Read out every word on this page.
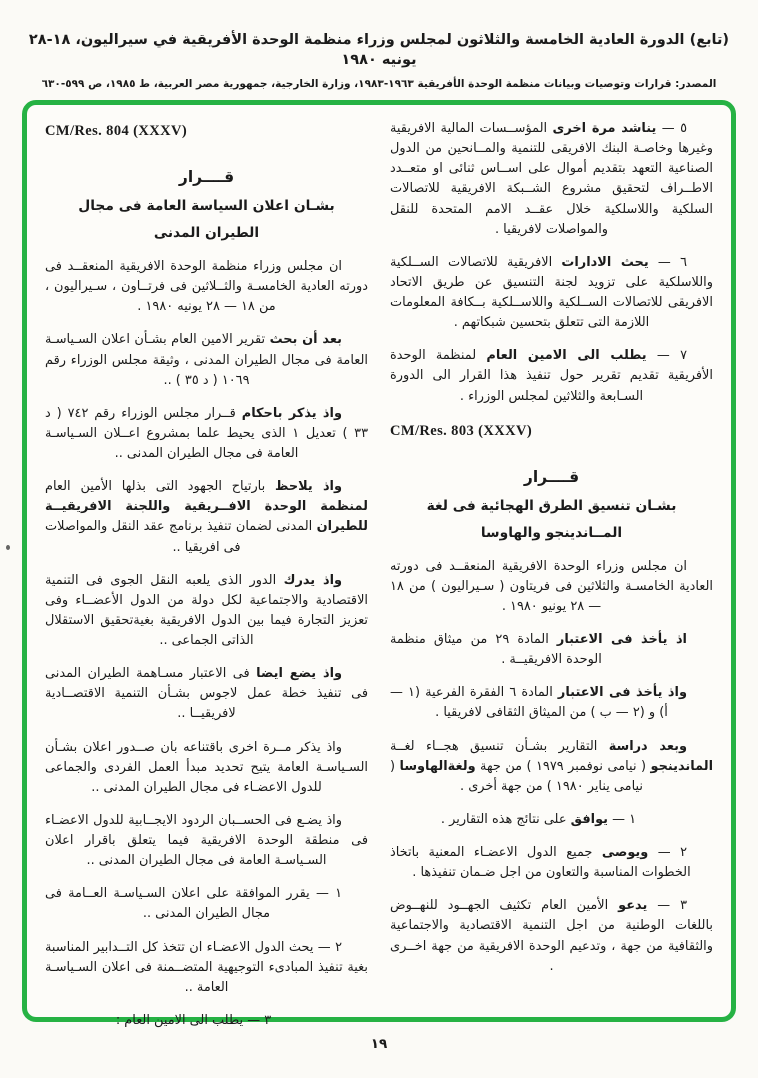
(تابع) الدورة العادية الخامسة والثلاثون لمجلس وزراء منظمة الوحدة الأفريقية في سيراليون، ١٨-٢٨ يونيه ١٩٨٠
المصدر: قرارات وتوصيات وبيانات منظمة الوحدة الأفريقية ١٩٦٣-١٩٨٣، وزارة الخارجية، جمهورية مصر العربية، ط ١٩٨٥، ص ٥٩٩-٦٣٠
٥ — يناشد مرة اخرى المؤســسات المالية الافريقية وغيرها وخاصـة البنك الافريقى للتنمية والمــانحين من الدول الصناعية التعهد بتقديم أموال على اســاس ثنائى او متعــدد الاطــراف لتحقيق مشروع الشــبكة الافريقية للاتصالات السلكية واللاسلكية خلال عقــد الامم المتحدة للنقل والمواصلات لافريقيا .
٦ — يحث الادارات الافريقية للاتصالات الســلكية واللاسلكية على تزويد لجنة التنسيق عن طريق الاتحاد الافريقى للاتصالات الســلكية واللاســلكية بــكافة المعلومات اللازمة التى تتعلق بتحسين شبكاتهم .
٧ — يطلب الى الامين العام لمنظمة الوحدة الأفريقية تقديم تقرير حول تنفيذ هذا القرار الى الدورة السـابعة والثلاثين لمجلس الوزراء .
CM/Res. 803 (XXXV)
قــــرار
بشـان تنسيق الطرق الهجائية فى لغة
المــاندينجو والهاوسا
ان مجلس وزراء الوحدة الافريقية المنعقــد فى دورته العادية الخامسـة والثلاثين فى فريتاون ( سـيراليون ) من ١٨ — ٢٨ يونيو ١٩٨٠ .
اذ يأخذ فى الاعتبار المادة ٢٩ من ميثاق منظمة الوحدة الافريقيــة .
واذ يأخذ فى الاعتبار المادة ٦ الفقرة الفرعية (١ — أ) و (٢ — ب ) من الميثاق الثقافى لافريقيا .
وبعد دراسة التقارير بشـأن تنسيق هجــاء لغــة الماندينجو ( نيامى نوفمبر ١٩٧٩ ) من جهة ولغةالهاوسا ( نيامى يناير ١٩٨٠ ) من جهة أخرى .
١ — يوافق على نتائج هذه التقارير .
٢ — ويوصى جميع الدول الاعضـاء المعنية باتخاذ الخطوات المناسبة والتعاون من اجل ضـمان تنفيذها .
٣ — يدعو الأمين العام تكثيف الجهــود للنهــوض باللغات الوطنية من اجل التنمية الاقتصادية والاجتماعية والثقافية من جهة ، وتدعيم الوحدة الافريقية من جهة اخــرى .
CM/Res. 804 (XXXV)
قــــرار
بشـان اعلان السياسة العامة فى مجال
الطيران المدنى
ان مجلس وزراء منظمة الوحدة الافريقية المنعقــد فى دورته العادية الخامسـة والثــلاثين فى فرتــاون ، سـيراليون ، من ١٨ — ٢٨ يونيه ١٩٨٠ .
بعد أن بحث تقرير الامين العام بشـأن اعلان السـياسـة العامة فى مجال الطيران المدنى ، وثيقة مجلس الوزراء رقم ١٠٦٩ ( د ٣٥ ) ..
واذ يذكر باحكام قــرار مجلس الوزراء رقم ٧٤٢ ( د ٣٣ ) تعديل ١ الذى يحيط علما بمشروع اعــلان السـياسـة العامة فى مجال الطيران المدنى ..
واذ يلاحظ بارتياح الجهود التى بذلها الأمين العام لمنظمة الوحدة الافــريقية واللجنة الافريقيــة للطيران المدنى لضمان تنفيذ برنامج عقد النقل والمواصلات فى افريقيا ..
واذ يدرك الدور الذى يلعبه النقل الجوى فى التنمية الاقتصادية والاجتماعية لكل دولة من الدول الأعضــاء وفى تعزيز التجارة فيما بين الدول الافريقية بغيةتحقيق الاستقلال الذاتى الجماعى ..
واذ يضع ايضا فى الاعتبار مسـاهمة الطيران المدنى فى تنفيذ خطة عمل لاجوس بشـأن التنمية الاقتصــادية لافريقيــا ..
واذ يذكر مــرة اخرى باقتناعه بان صــدور اعلان بشـأن السـياسـة العامة يتيح تحديد مبدأ العمل الفردى والجماعى للدول الاعضـاء فى مجال الطيران المدنى ..
واذ يضـع فى الحســبان الردود الايجــابية للدول الاعضـاء فى منطقة الوحدة الافريقية فيما يتعلق باقرار اعلان السـياسـة العامة فى مجال الطيران المدنى ..
١ — يقرر الموافقة على اعلان السـياسـة العــامة فى مجال الطيران المدنى ..
٢ — يحث الدول الاعضـاء ان تتخذ كل التــدابير المناسبة بغية تنفيذ المبادىء التوجيهية المتضــمنة فى اعلان السـياسـة العامة ..
٣ — يطلب الى الامين العام :
١٩
